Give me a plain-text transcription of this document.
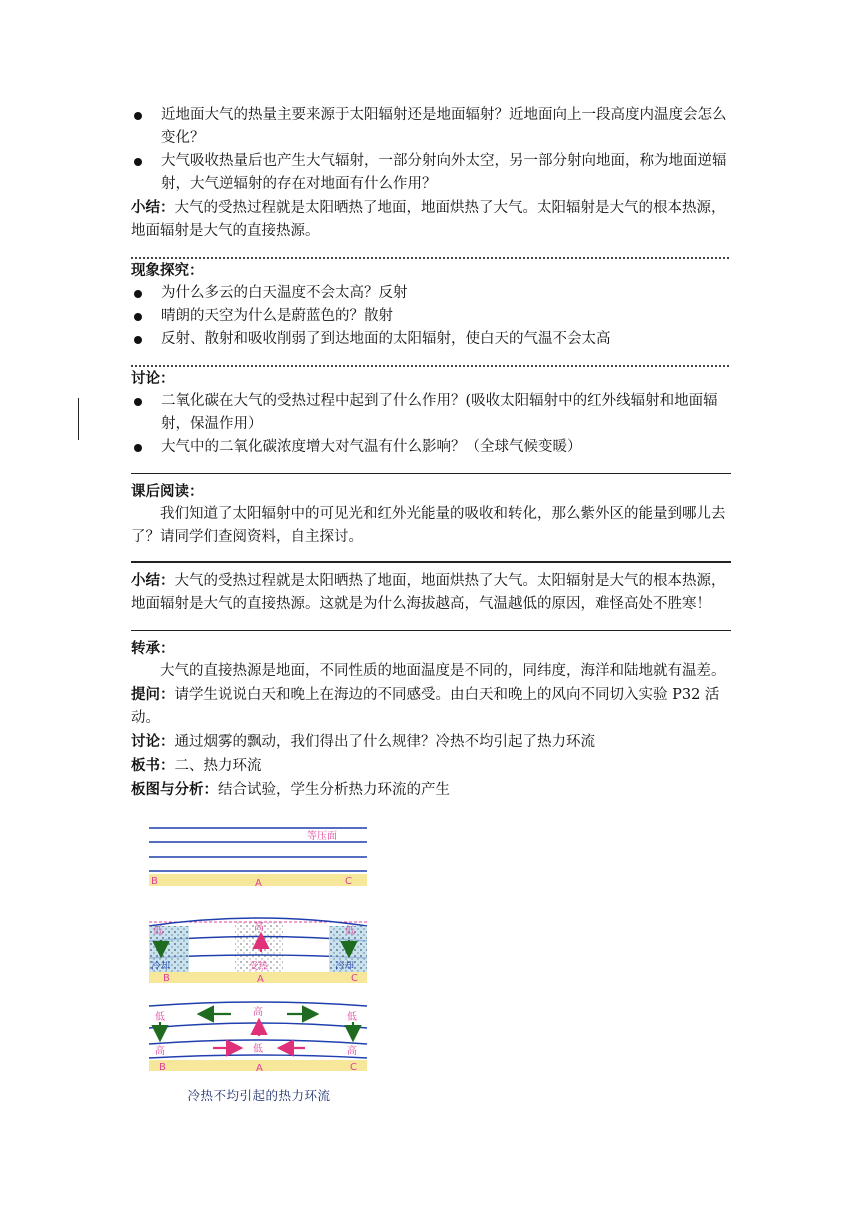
近地面大气的热量主要来源于太阳辐射还是地面辐射？近地面向上一段高度内温度会怎么变化？

大气吸收热量后也产生大气辐射，一部分射向外太空，另一部分射向地面，称为地面逆辐射，大气逆辐射的存在对地面有什么作用？

小结：大气的受热过程就是太阳晒热了地面，地面烘热了大气。太阳辐射是大气的根本热源，地面辐射是大气的直接热源。

现象探究：

为什么多云的白天温度不会太高？反射

晴朗的天空为什么是蔚蓝色的？散射

反射、散射和吸收削弱了到达地面的太阳辐射，使白天的气温不会太高

讨论：

二氧化碳在大气的受热过程中起到了什么作用？(吸收太阳辐射中的红外线辐射和地面辐射，保温作用）

大气中的二氧化碳浓度增大对气温有什么影响？（全球气候变暖）

课后阅读：

我们知道了太阳辐射中的可见光和红外光能量的吸收和转化，那么紫外区的能量到哪儿去了？请同学们查阅资料，自主探讨。

小结：大气的受热过程就是太阳晒热了地面，地面烘热了大气。太阳辐射是大气的根本热源，地面辐射是大气的直接热源。这就是为什么海拔越高，气温越低的原因，难怪高处不胜寒！

转承：

大气的直接热源是地面，不同性质的地面温度是不同的，同纬度，海洋和陆地就有温差。

提问：请学生说说白天和晚上在海边的不同感受。由白天和晚上的风向不同切入实验 P32 活动。

讨论：通过烟雾的飘动，我们得出了什么规律？冷热不均引起了热力环流

板书：二、热力环流

板图与分析：结合试验，学生分析热力环流的产生

等压面
B	A	C
低	高	低
冷却	受热	冷却
B	A	C
低	高	低
高	低	高
B	A	C
冷热不均引起的热力环流
